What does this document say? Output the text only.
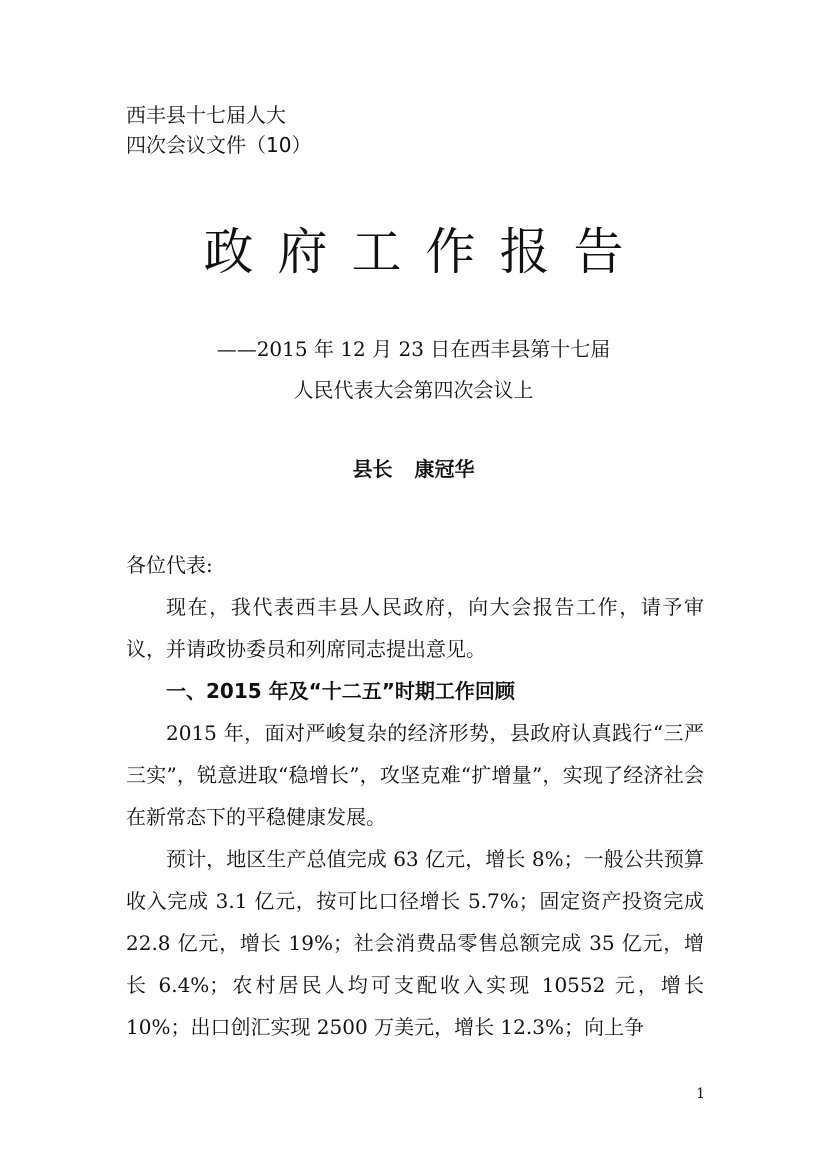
西丰县十七届人大
四次会议文件（10）
政府工作报告
——2015 年 12 月 23 日在西丰县第十七届
人民代表大会第四次会议上
县长 康冠华

各位代表:

现在，我代表西丰县人民政府，向大会报告工作，请予审议，并请政协委员和列席同志提出意见。

一、2015 年及“十二五”时期工作回顾

2015 年，面对严峻复杂的经济形势，县政府认真践行“三严三实”，锐意进取“稳增长”，攻坚克难“扩增量”，实现了经济社会在新常态下的平稳健康发展。

预计，地区生产总值完成 63 亿元，增长 8%；一般公共预算收入完成 3.1 亿元，按可比口径增长 5.7%；固定资产投资完成 22.8 亿元，增长 19%；社会消费品零售总额完成 35 亿元，增长 6.4%；农村居民人均可支配收入实现 10552 元，增长 10%；出口创汇实现 2500 万美元，增长 12.3%；向上争

1
